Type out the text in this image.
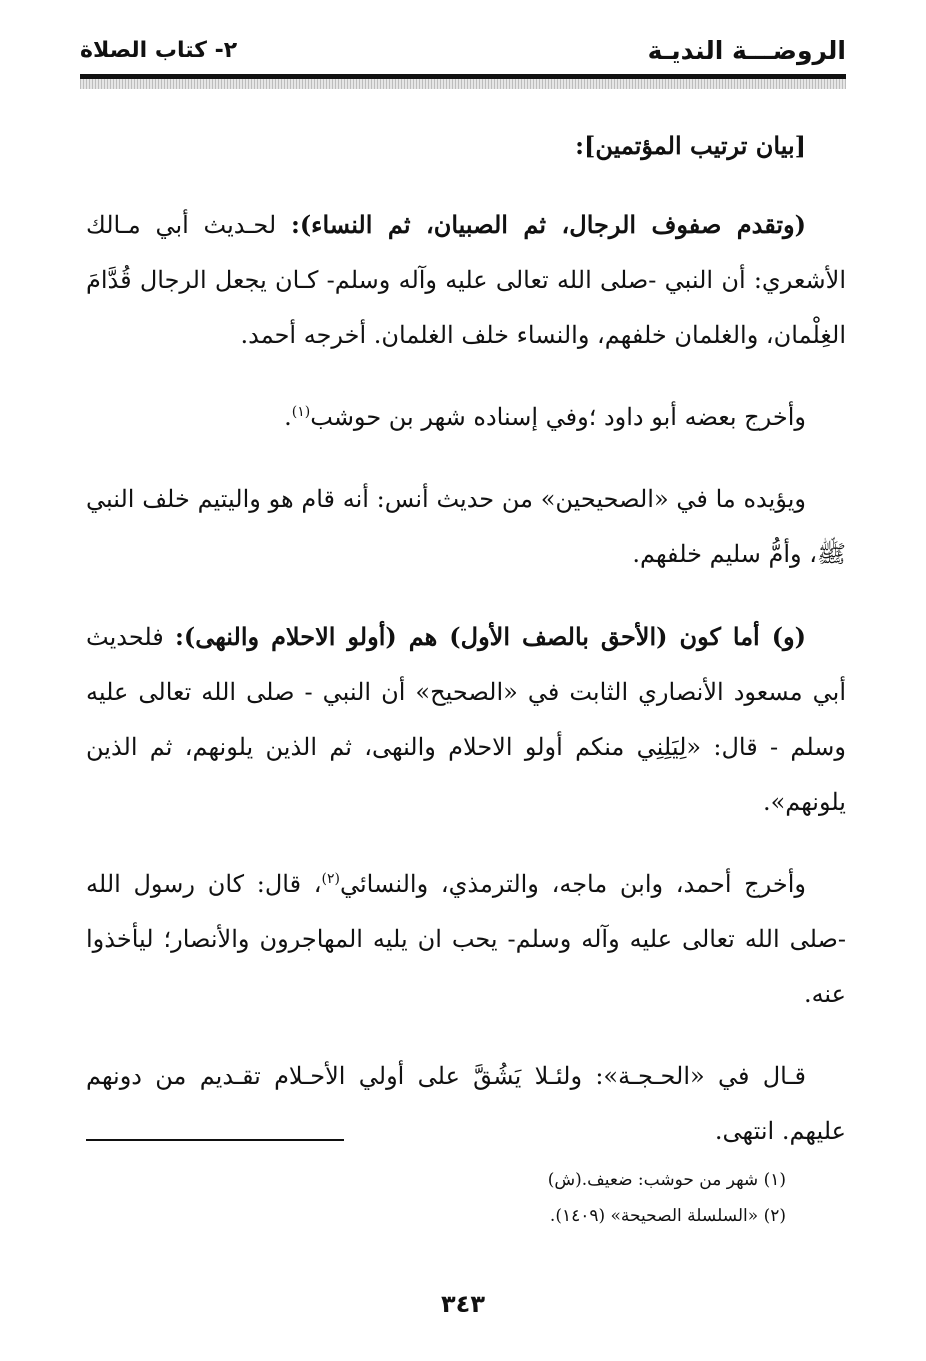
الروضـــة النديـة
٢- كتاب الصلاة

[بيان ترتيب المؤتمين]:

(وتقدم صفوف الرجال، ثم الصبيان، ثم النساء): لحـديث أبي مـالك الأشعري: أن النبي -صلى الله تعالى عليه وآله وسلم- كـان يجعل الرجال قُدَّامَ الغِلْمان، والغلمان خلفهم، والنساء خلف الغلمان. أخرجه أحمد.

وأخرج بعضه أبو داود ؛وفي إسناده شهر بن حوشب$^{(١)}$.

ويؤيده ما في «الصحيحين» من حديث أنس: أنه قام هو واليتيم خلف النبي ﷺ، وأمُّ سليم خلفهم.

(و) أما كون (الأحق بالصف الأول) هم (أولو الاحلام والنهى): فلحديث أبي مسعود الأنصاري الثابت في «الصحيح» أن النبي - صلى الله تعالى عليه وسلم - قال: «لِيَلِنِي منكم أولو الاحلام والنهى، ثم الذين يلونهم، ثم الذين يلونهم».

وأخرج أحمد، وابن ماجه، والترمذي، والنسائي$^{(٢)}$، قال: كان رسول الله -صلى الله تعالى عليه وآله وسلم- يحب ان يليه المهاجرون والأنصار؛ ليأخذوا عنه.

قـال في «الحـجـة»: ولئـلا يَشُقَّ على أولي الأحـلام تقـديم من دونهم عليهم. انتهى.

(١) شهر من حوشب: ضعيف.(ش)
(٢) «السلسلة الصحيحة» (١٤٠٩).
٣٤٣
